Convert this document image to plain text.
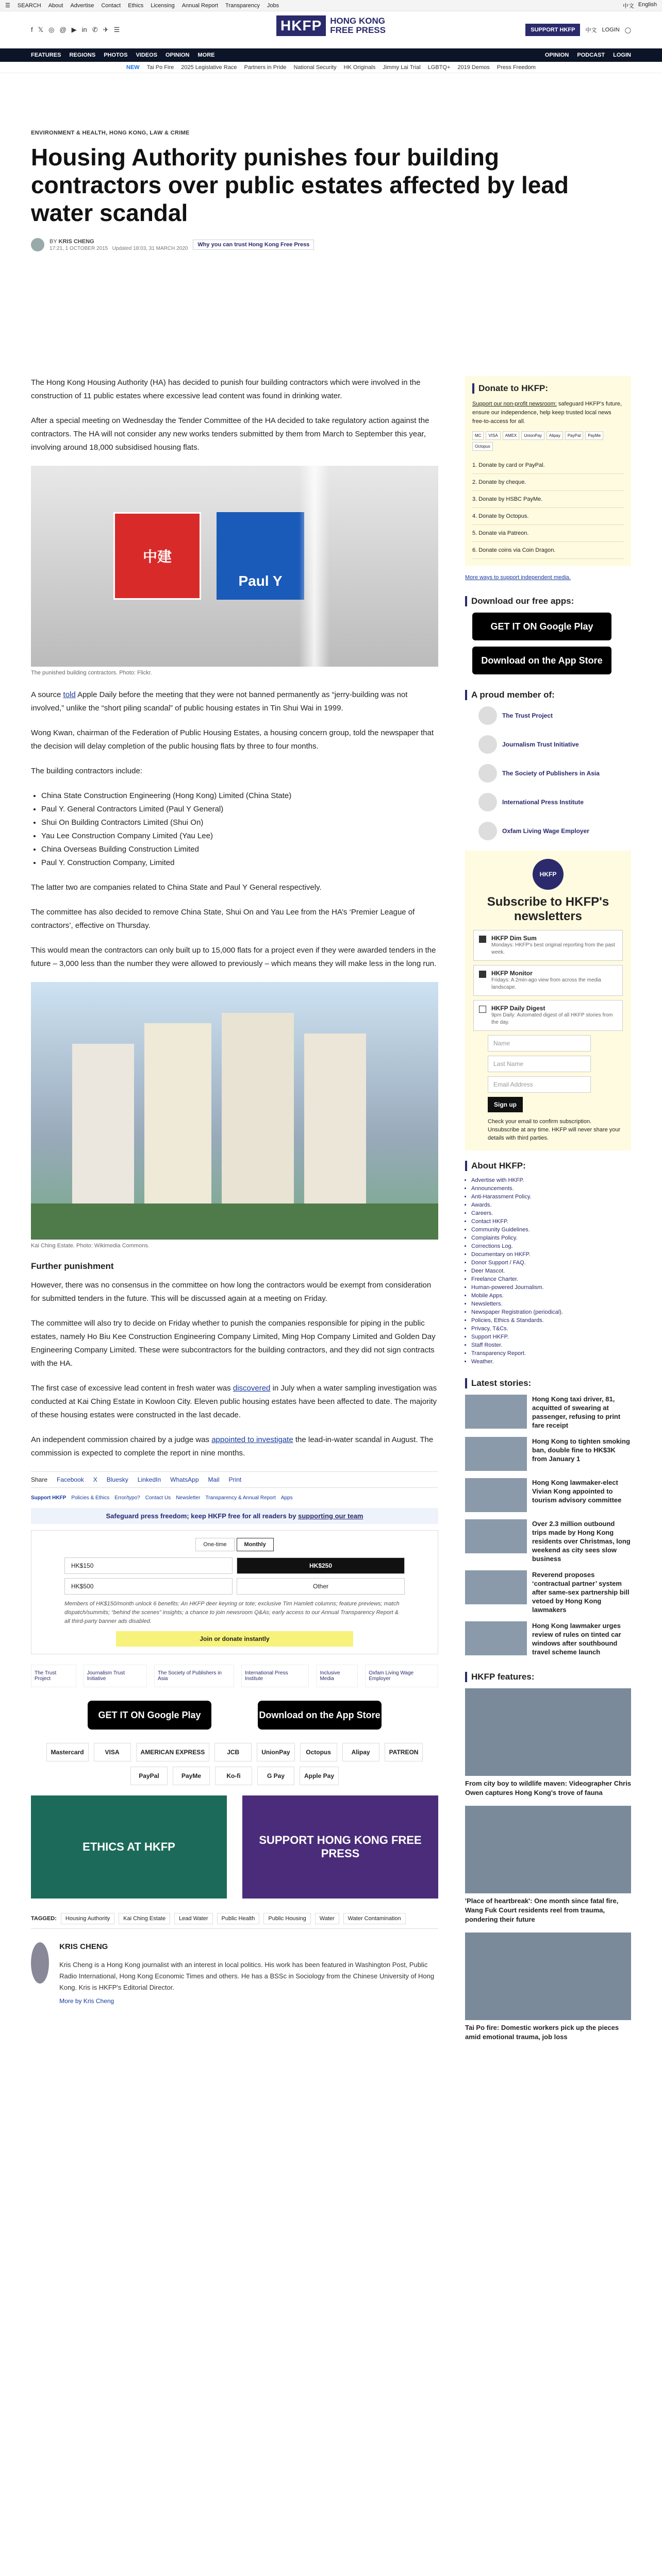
☰ SEARCH About Advertise Contact Ethics Licensing Annual Report Transparency Jobs	中文 English
f 𝕏 ◎ @ ▶ in ✆ ✈ ☰	HKFP HONG KONG
FREE PRESS	SUPPORT HKFP	中文 LOGIN ◯
FEATURES REGIONS PHOTOS VIDEOS OPINION MORE	OPINION PODCAST LOGIN
NEW Tai Po Fire 2025 Legislative Race Partners in Pride National Security HK Originals Jimmy Lai Trial LGBTQ+ 2019 Demos Press Freedom
ENVIRONMENT & HEALTH, HONG KONG, LAW & CRIME
Housing Authority punishes four building contractors over public estates affected by lead water scandal
BY KRIS CHENG
17:21, 1 OCTOBER 2015 Updated 18:03, 31 MARCH 2020
Why you can trust Hong Kong Free Press

The Hong Kong Housing Authority (HA) has decided to punish four building contractors which were involved in the construction of 11 public estates where excessive lead content was found in drinking water.

After a special meeting on Wednesday the Tender Committee of the HA decided to take regulatory action against the contractors. The HA will not consider any new works tenders submitted by them from March to September this year, involving around 18,000 subsidised housing flats.

中建
Paul Y
The punished building contractors. Photo: Flickr.

A source told Apple Daily before the meeting that they were not banned permanently as “jerry-building was not involved,” unlike the “short piling scandal” of public housing estates in Tin Shui Wai in 1999.

Wong Kwan, chairman of the Federation of Public Housing Estates, a housing concern group, told the newspaper that the decision will delay completion of the public housing flats by three to four months.

The building contractors include:

• China State Construction Engineering (Hong Kong) Limited (China State)
• Paul Y. General Contractors Limited (Paul Y General)
• Shui On Building Contractors Limited (Shui On)
• Yau Lee Construction Company Limited (Yau Lee)
• China Overseas Building Construction Limited
• Paul Y. Construction Company, Limited

The latter two are companies related to China State and Paul Y General respectively.

The committee has also decided to remove China State, Shui On and Yau Lee from the HA’s ‘Premier League of contractors’, effective on Thursday.

This would mean the contractors can only built up to 15,000 flats for a project even if they were awarded tenders in the future – 3,000 less than the number they were allowed to previously – which means they will make less in the long run.

Kai Ching Estate. Photo: Wikimedia Commons.
Further punishment

However, there was no consensus in the committee on how long the contractors would be exempt from consideration for submitted tenders in the future. This will be discussed again at a meeting on Friday.

The committee will also try to decide on Friday whether to punish the companies responsible for piping in the public estates, namely Ho Biu Kee Construction Engineering Company Limited, Ming Hop Company Limited and Golden Day Engineering Company Limited. These were subcontractors for the building contractors, and they did not sign contracts with the HA.

The first case of excessive lead content in fresh water was discovered in July when a water sampling investigation was conducted at Kai Ching Estate in Kowloon City. Eleven public housing estates have been affected to date. The majority of these housing estates were constructed in the last decade.

An independent commission chaired by a judge was appointed to investigate the lead-in-water scandal in August. The commission is expected to complete the report in nine months.

Share Facebook X Bluesky LinkedIn WhatsApp Mail Print
Support HKFP Policies & Ethics Error/typo? Contact Us Newsletter Transparency & Annual Report Apps
Safeguard press freedom; keep HKFP free for all readers by supporting our team
One-time	Monthly
HK$150	HK$250
HK$500	Other
Members of HK$150/month unlock 6 benefits: An HKFP deer keyring or tote; exclusive Tim Hamlett columns; feature previews; match dispatch/summits; “behind the scenes” insights; a chance to join newsroom Q&As; early access to our Annual Transparency Report & all third-party banner ads disabled.
Join or donate instantly
The Trust Project
Journalism Trust Initiative
The Society of Publishers in Asia
International Press Institute
Inclusive Media
Oxfam Living Wage Employer
GET IT ON Google Play	Download on the App Store
Mastercard	VISA	AMERICAN EXPRESS	JCB	UnionPay	Octopus	Alipay	PATREON
PayPal	PayMe	Ko-fi	G Pay	Apple Pay
ETHICS AT HKFP
SUPPORT HONG KONG FREE PRESS
TAGGED:	Housing Authority	Kai Ching Estate	Lead Water	Public Health	Public Housing	Water	Water Contamination
KRIS CHENG
Kris Cheng is a Hong Kong journalist with an interest in local politics. His work has been featured in Washington Post, Public Radio International, Hong Kong Economic Times and others. He has a BSSc in Sociology from the Chinese University of Hong Kong. Kris is HKFP's Editorial Director.
More by Kris Cheng
Donate to HKFP:

Support our non-profit newsroom: safeguard HKFP's future, ensure our independence, help keep trusted local news free-to-access for all.

MC	VISA	AMEX	UnionPay	Alipay	PayPal	PayMe
Octopus
1. Donate by card or PayPal.
2. Donate by cheque.
3. Donate by HSBC PayMe.
4. Donate by Octopus.
5. Donate via Patreon.
6. Donate coins via Coin Dragon.
More ways to support independent media.
Download our free apps:
GET IT ON Google Play
Download on the App Store
A proud member of:
The Trust Project
Journalism Trust Initiative
The Society of Publishers in Asia
International Press Institute
Oxfam Living Wage Employer
HKFP
Subscribe to HKFP's newsletters
HKFP Dim Sum
Mondays: HKFP's best original reporting from the past week.
HKFP Monitor
Fridays: A 2min-ago view from across the media landscape.
HKFP Daily Digest
9pm Daily: Automated digest of all HKFP stories from the day.
Name
Last Name
Email Address
Sign up

Check your email to confirm subscription. Unsubscribe at any time. HKFP will never share your details with third parties.

About HKFP:
• Advertise with HKFP.
• Announcements.
• Anti-Harassment Policy.
• Awards.
• Careers.
• Contact HKFP.
• Community Guidelines.
• Complaints Policy.
• Corrections Log.
• Documentary on HKFP.
• Donor Support / FAQ.
• Deer Mascot.
• Freelance Charter.
• Human-powered Journalism.
• Mobile Apps.
• Newsletters.
• Newspaper Registration (periodical).
• Policies, Ethics & Standards.
• Privacy, T&Cs.
• Support HKFP.
• Staff Roster.
• Transparency Report.
• Weather.
Latest stories:
Hong Kong taxi driver, 81, acquitted of swearing at passenger, refusing to print fare receipt
Hong Kong to tighten smoking ban, double fine to HK$3K from January 1
Hong Kong lawmaker-elect Vivian Kong appointed to tourism advisory committee
Over 2.3 million outbound trips made by Hong Kong residents over Christmas, long weekend as city sees slow business
Reverend proposes ‘contractual partner’ system after same-sex partnership bill vetoed by Hong Kong lawmakers
Hong Kong lawmaker urges review of rules on tinted car windows after southbound travel scheme launch
HKFP features:
From city boy to wildlife maven: Videographer Chris Owen captures Hong Kong's trove of fauna
'Place of heartbreak': One month since fatal fire, Wang Fuk Court residents reel from trauma, pondering their future
Tai Po fire: Domestic workers pick up the pieces amid emotional trauma, job loss
